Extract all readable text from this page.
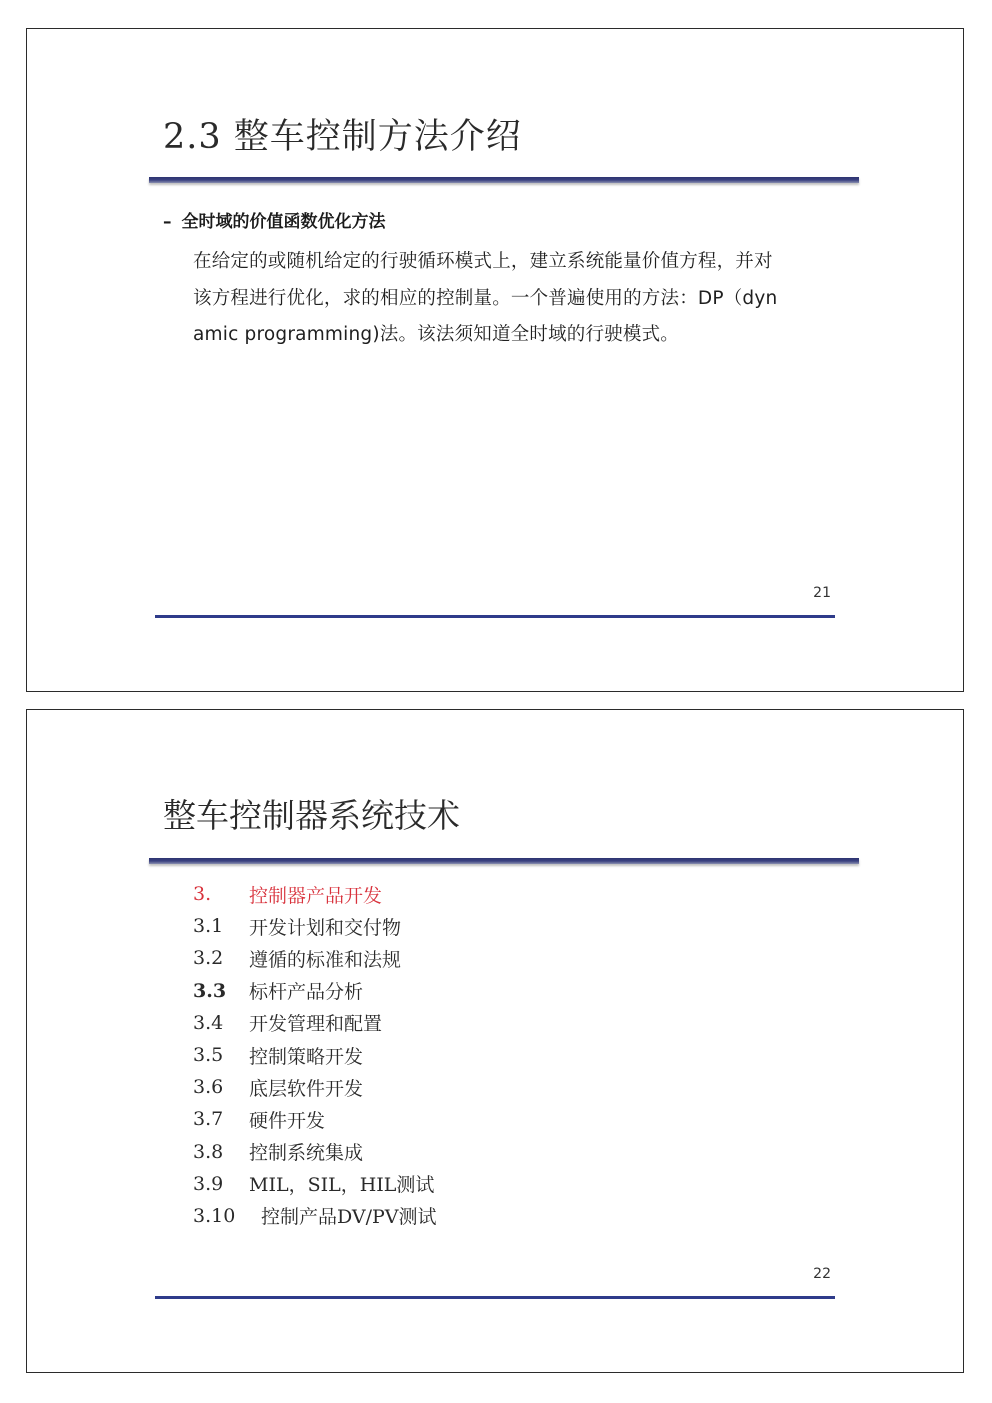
2.3 整车控制方法介绍
– 全时域的价值函数优化方法
在给定的或随机给定的行驶循环模式上，建立系统能量价值方程，并对
该方程进行优化，求的相应的控制量。一个普遍使用的方法：DP（dyn
amic programming)法。该法须知道全时域的行驶模式。
21
整车控制器系统技术
3.	控制器产品开发
3.1	开发计划和交付物
3.2	遵循的标准和法规
3.3	标杆产品分析
3.4	开发管理和配置
3.5	控制策略开发
3.6	底层软件开发
3.7	硬件开发
3.8	控制系统集成
3.9	MIL，SIL，HIL测试
3.10	控制产品DV/PV测试
22
